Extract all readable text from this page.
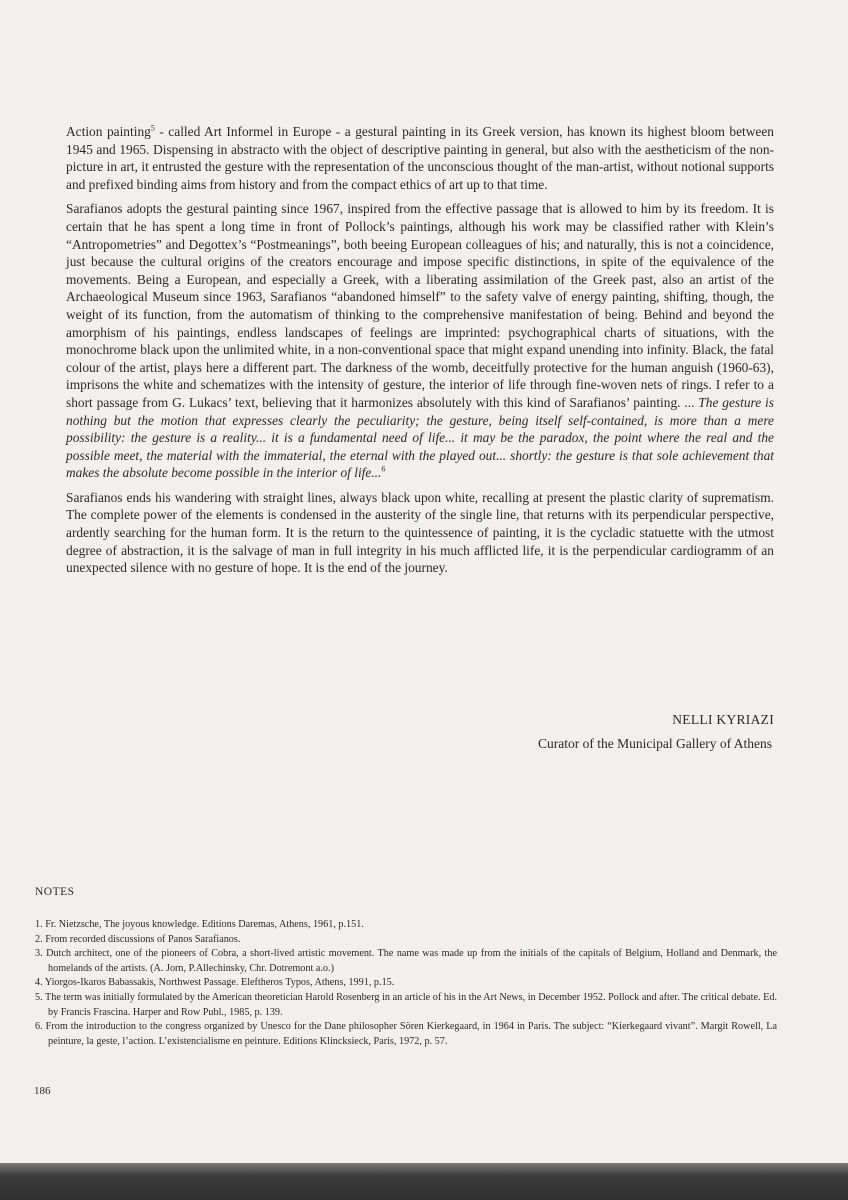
Action painting$^5$ - called Art Informel in Europe - a gestural painting in its Greek version, has known its highest bloom between 1945 and 1965. Dispensing in abstracto with the object of descriptive painting in general, but also with the aestheticism of the non-picture in art, it entrusted the gesture with the representation of the unconscious thought of the man-artist, without notional supports and prefixed binding aims from history and from the compact ethics of art up to that time.

Sarafianos adopts the gestural painting since 1967, inspired from the effective passage that is allowed to him by its freedom. It is certain that he has spent a long time in front of Pollock’s paintings, although his work may be classified rather with Klein’s “Antropometries” and Degottex’s “Postmeanings”, both beeing European colleagues of his; and naturally, this is not a coincidence, just because the cultural origins of the creators encourage and impose specific distinctions, in spite of the equivalence of the movements. Being a European, and especially a Greek, with a liberating assimilation of the Greek past, also an artist of the Archaeological Museum since 1963, Sarafianos “abandoned himself” to the safety valve of energy painting, shifting, though, the weight of its function, from the automatism of thinking to the comprehensive manifestation of being. Behind and beyond the amorphism of his paintings, endless landscapes of feelings are imprinted: psychographical charts of situations, with the monochrome black upon the unlimited white, in a non-conventional space that might expand unending into infinity. Black, the fatal colour of the artist, plays here a different part. The darkness of the womb, deceitfully protective for the human anguish (1960-63), imprisons the white and schematizes with the intensity of gesture, the interior of life through fine-woven nets of rings. I refer to a short passage from G. Lukacs’ text, believing that it harmonizes absolutely with this kind of Sarafianos’ painting. ... The gesture is nothing but the motion that expresses clearly the peculiarity; the gesture, being itself self-contained, is more than a mere possibility: the gesture is a reality... it is a fundamental need of life... it may be the paradox, the point where the real and the possible meet, the material with the immaterial, the eternal with the played out... shortly: the gesture is that sole achievement that makes the absolute become possible in the interior of life...$^6$

Sarafianos ends his wandering with straight lines, always black upon white, recalling at present the plastic clarity of suprematism. The complete power of the elements is condensed in the austerity of the single line, that returns with its perpendicular perspective, ardently searching for the human form. It is the return to the quintessence of painting, it is the cycladic statuette with the utmost degree of abstraction, it is the salvage of man in full integrity in his much afflicted life, it is the perpendicular cardiogramm of an unexpected silence with no gesture of hope. It is the end of the journey.

NELLI KYRIAZI
Curator of the Municipal Gallery of Athens
NOTES
1. Fr. Nietzsche, The joyous knowledge. Editions Daremas, Athens, 1961, p.151.
2. From recorded discussions of Panos Sarafianos.
3. Dutch architect, one of the pioneers of Cobra, a short-lived artistic movement. The name was made up from the initials of the capitals of Belgium, Holland and Denmark, the homelands of the artists. (A. Jorn, P.Allechinsky, Chr. Dotremont a.o.)
4. Yiorgos-Ikaros Babassakis, Northwest Passage. Eleftheros Typos, Athens, 1991, p.15.
5. The term was initially formulated by the American theoretician Harold Rosenberg in an article of his in the Art News, in December 1952. Pollock and after. The critical debate. Ed. by Francis Frascina. Harper and Row Publ., 1985, p. 139.
6. From the introduction to the congress organized by Unesco for the Dane philosopher Sören Kierkegaard, in 1964 in Paris. The subject: “Kierkegaard vivant”. Margit Rowell, La peinture, la geste, l’action. L’existencialisme en peinture. Editions Klincksieck, Paris, 1972, p. 57.
186
